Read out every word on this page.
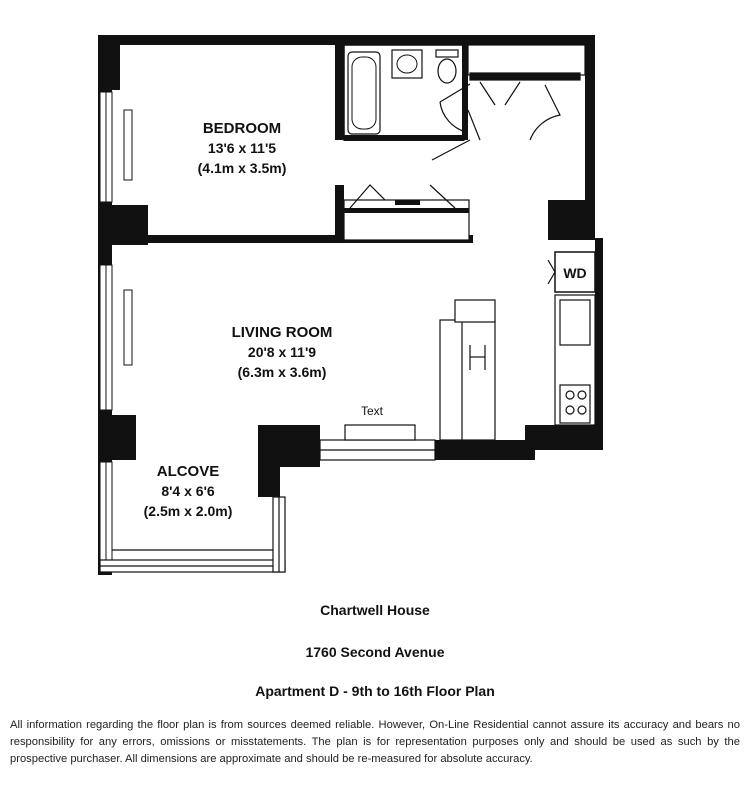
WD
Text
BEDROOM
13'6 x 11'5
(4.1m x 3.5m)
LIVING ROOM
20'8 x 11'9
(6.3m x 3.6m)
ALCOVE
8'4 x 6'6
(2.5m x 2.0m)
Chartwell House
1760 Second Avenue
Apartment D - 9th to 16th Floor Plan
All information regarding the floor plan is from sources deemed reliable. However, On-Line Residential cannot assure its accuracy and bears no responsibility for any errors, omissions or misstatements. The plan is for representation purposes only and should be used as such by the prospective purchaser. All dimensions are approximate and should be re-measured for absolute accuracy.
